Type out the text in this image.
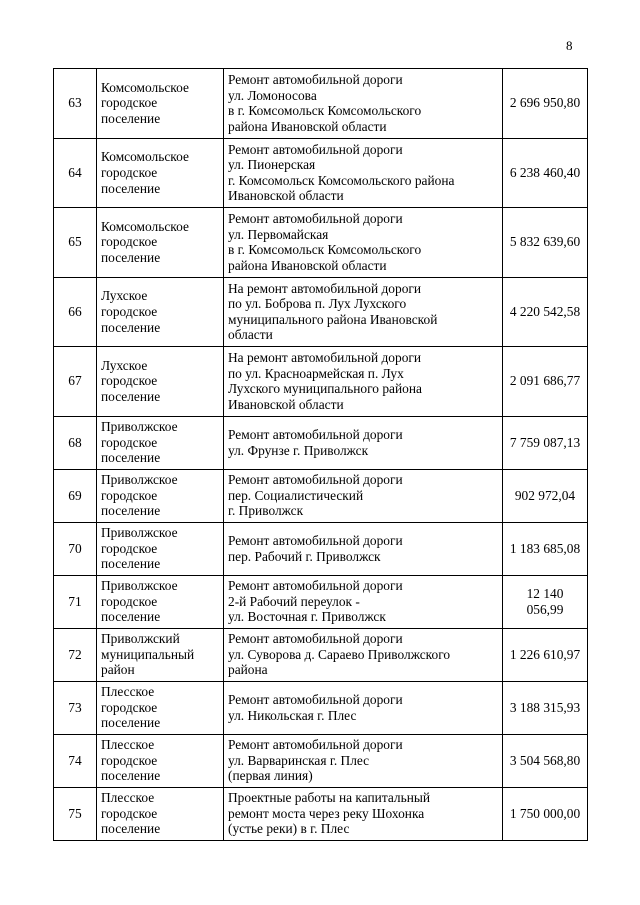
8
63	Комсомольское
городское
поселение	Ремонт автомобильной дороги
ул. Ломоносова
в г. Комсомольск Комсомольского
района Ивановской области	2 696 950,80
64	Комсомольское
городское
поселение	Ремонт автомобильной дороги
ул. Пионерская
г. Комсомольск Комсомольского района
Ивановской области	6 238 460,40
65	Комсомольское
городское
поселение	Ремонт автомобильной дороги
ул. Первомайская
в г. Комсомольск Комсомольского
района Ивановской области	5 832 639,60
66	Лухское
городское
поселение	На ремонт автомобильной дороги
по ул. Боброва п. Лух Лухского
муниципального района Ивановской
области	4 220 542,58
67	Лухское
городское
поселение	На ремонт автомобильной дороги
по ул. Красноармейская п. Лух
Лухского муниципального района
Ивановской области	2 091 686,77
68	Приволжское
городское
поселение	Ремонт автомобильной дороги
ул. Фрунзе г. Приволжск	7 759 087,13
69	Приволжское
городское
поселение	Ремонт автомобильной дороги
пер. Социалистический
г. Приволжск	902 972,04
70	Приволжское
городское
поселение	Ремонт автомобильной дороги
пер. Рабочий г. Приволжск	1 183 685,08
71	Приволжское
городское
поселение	Ремонт автомобильной дороги
2-й Рабочий переулок -
ул. Восточная г. Приволжск	12 140 056,99
72	Приволжский
муниципальный
район	Ремонт автомобильной дороги
ул. Суворова д. Сараево Приволжского
района	1 226 610,97
73	Плесское
городское
поселение	Ремонт автомобильной дороги
ул. Никольская г. Плес	3 188 315,93
74	Плесское
городское
поселение	Ремонт автомобильной дороги
ул. Варваринская г. Плес
(первая линия)	3 504 568,80
75	Плесское
городское
поселение	Проектные работы на капитальный
ремонт моста через реку Шохонка
(устье реки) в г. Плес	1 750 000,00
